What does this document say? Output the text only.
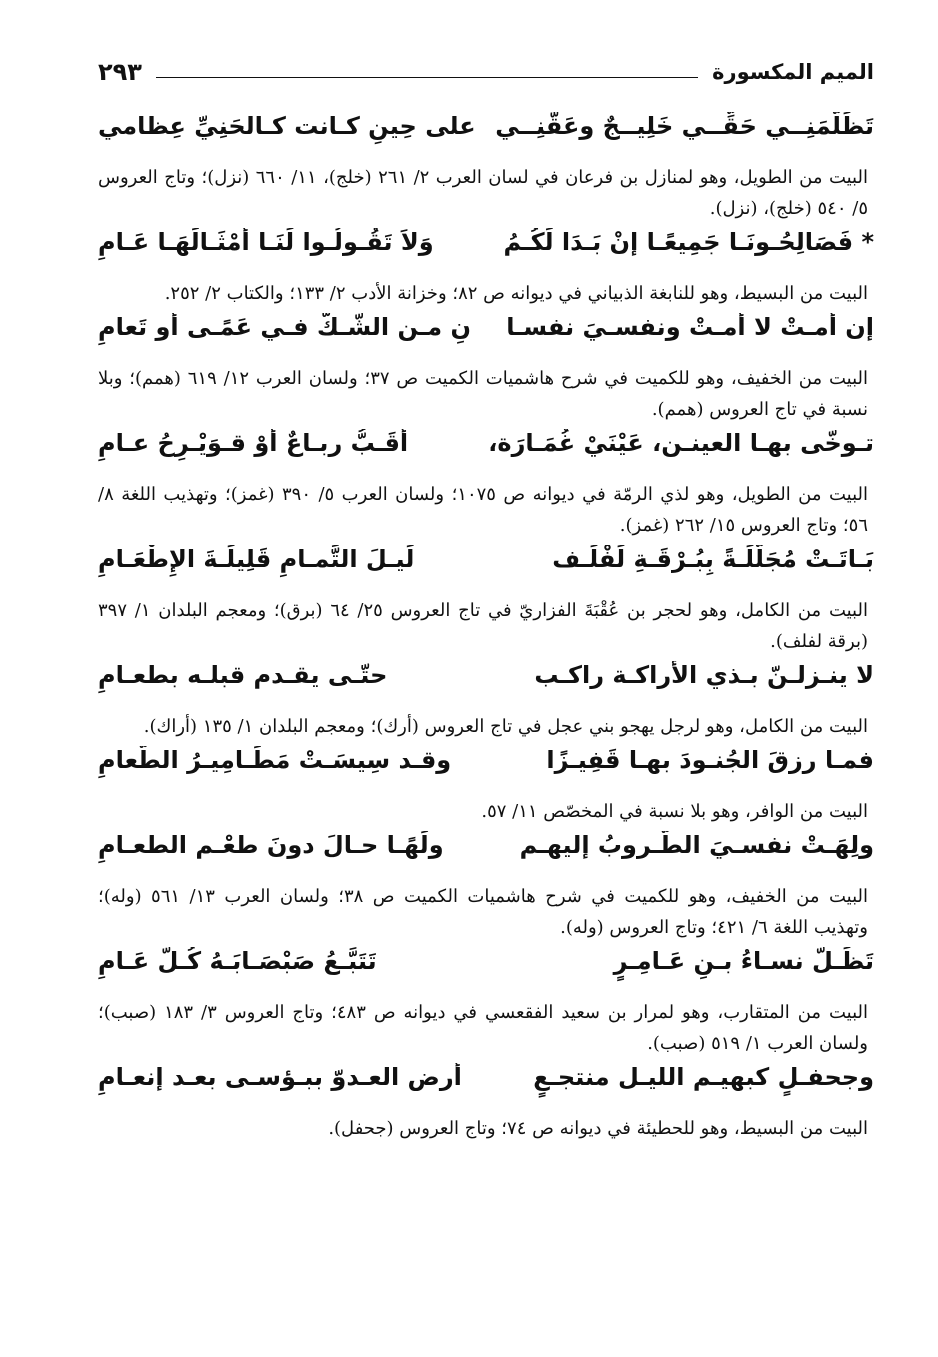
الميم المكسورة
٢٩٣
تَظَلَّمَنِــي حَقِّــي خَلِيــجٌ وعَقَّنِــي
على حِينِ كـانت كـالحَنِيِّ عِظامي

البيت من الطويل، وهو لمنازل بن فرعان في لسان العرب ٢/ ٢٦١ (خلج)، ١١/ ٦٦٠ (نزل)؛ وتاج العروس ٥/ ٥٤٠ (خلج)، (نزل).

* فَصَالِحُـونَـا جَمِيعًـا إنْ بَـدَا لَكُـمُ
وَلاَ تَقُـولُـوا لَنَـا أَمْثَـالَهَـا عَـامِ

البيت من البسيط، وهو للنابغة الذبياني في ديوانه ص ٨٢؛ وخزانة الأدب ٢/ ١٣٣؛ والكتاب ٢/ ٢٥٢.

إن أمـتْ لا أمـتْ ونفسـيَ نفسـا
نِ مـن الشّـكّ فـي عَمًـى أو تَعامِ

البيت من الخفيف، وهو للكميت في شرح هاشميات الكميت ص ٣٧؛ ولسان العرب ١٢/ ٦١٩ (همم)؛ وبلا نسبة في تاج العروس (همم).

تـوخّى بهـا العينـن، عَيْنَيْ غُمَـارَة،
أقَـبُّ ربـاعٌ أوْ قـوَيْـرِحُ عـامِ

البيت من الطويل، وهو لذي الرمّة في ديوانه ص ١٠٧٥؛ ولسان العرب ٥/ ٣٩٠ (غمز)؛ وتهذيب اللغة ٨/ ٥٦؛ وتاج العروس ١٥/ ٢٦٢ (غمز).

بَـاتَـتْ مُجَلَّلَـةً بِبُـرْقَـةِ لَفْلَـف
لَيـلَ التَّمـامِ قَلِيلَـةَ الإِطْعَـامِ

البيت من الكامل، وهو لحجر بن عُقْبَةَ الفزاريّ في تاج العروس ٢٥/ ٦٤ (برق)؛ ومعجم البلدان ١/ ٣٩٧ (برقة لفلف).

لا ينـزلـنّ بـذي الأراكـة راكـب
حتّـى يقـدم قبلـه بطعـامِ

البيت من الكامل، وهو لرجل يهجو بني عجل في تاج العروس (أرك)؛ ومعجم البلدان ١/ ١٣٥ (أراك).

فمـا رزقَ الجُنـودَ بهـا قَفِيـزًا
وقـد سِيسَـتْ مَطَـامِيـرُ الطَّعامِ

البيت من الوافر، وهو بلا نسبة في المخصّص ١١/ ٥٧.

ولِهَـتْ نفسـيَ الطّـروبُ إليهـم
ولَهًـا حـالَ دونَ طعْـم الطعـامِ

البيت من الخفيف، وهو للكميت في شرح هاشميات الكميت ص ٣٨؛ ولسان العرب ١٣/ ٥٦١ (وله)؛ وتهذيب اللغة ٦/ ٤٢١؛ وتاج العروس (وله).

تَظَـلُّ نسـاءُ بـنِ عَـامِـرٍ
تَتَبَّـعُ صَبْصَـابَـهُ كُـلَّ عَـامِ

البيت من المتقارب، وهو لمرار بن سعيد الفقعسي في ديوانه ص ٤٨٣؛ وتاج العروس ٣/ ١٨٣ (صبب)؛ ولسان العرب ١/ ٥١٩ (صبب).

وجحفـلٍ كبهيـم الليـل منتجـعٍ
أرض العـدوّ ببـؤسـى بعـد إنعـامِ

البيت من البسيط، وهو للحطيئة في ديوانه ص ٧٤؛ وتاج العروس (جحفل).
